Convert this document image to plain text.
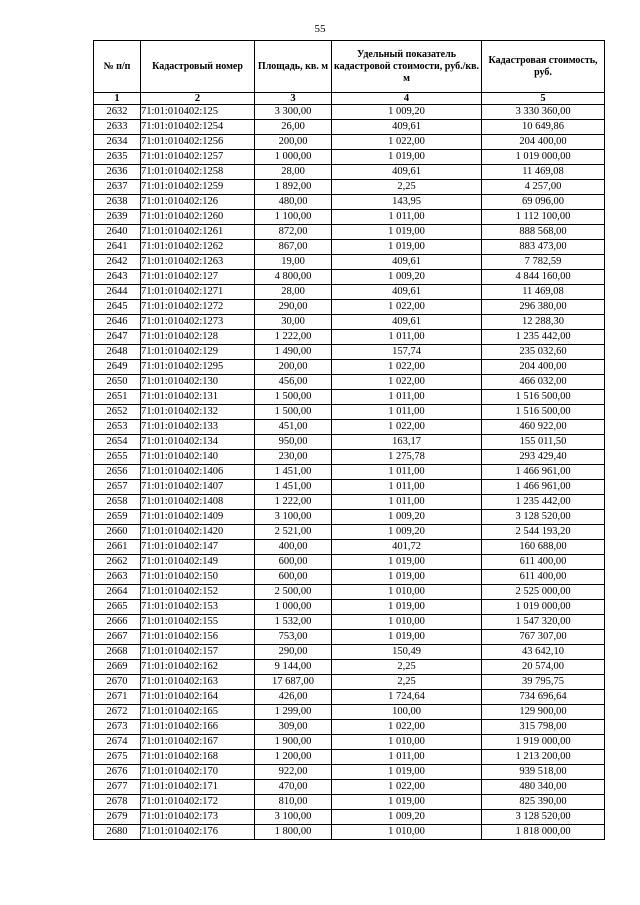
55
№ п/п	Кадастровый номер	Площадь, кв. м	Удельный показатель кадастровой стоимости, руб./кв. м	Кадастровая стоимость, руб.
1	2	3	4	5
2632	71:01:010402:125	3 300,00	1 009,20	3 330 360,00
2633	71:01:010402:1254	26,00	409,61	10 649,86
2634	71:01:010402:1256	200,00	1 022,00	204 400,00
2635	71:01:010402:1257	1 000,00	1 019,00	1 019 000,00
2636	71:01:010402:1258	28,00	409,61	11 469,08
2637	71:01:010402:1259	1 892,00	2,25	4 257,00
2638	71:01:010402:126	480,00	143,95	69 096,00
2639	71:01:010402:1260	1 100,00	1 011,00	1 112 100,00
2640	71:01:010402:1261	872,00	1 019,00	888 568,00
2641	71:01:010402:1262	867,00	1 019,00	883 473,00
2642	71:01:010402:1263	19,00	409,61	7 782,59
2643	71:01:010402:127	4 800,00	1 009,20	4 844 160,00
2644	71:01:010402:1271	28,00	409,61	11 469,08
2645	71:01:010402:1272	290,00	1 022,00	296 380,00
2646	71:01:010402:1273	30,00	409,61	12 288,30
2647	71:01:010402:128	1 222,00	1 011,00	1 235 442,00
2648	71:01:010402:129	1 490,00	157,74	235 032,60
2649	71:01:010402:1295	200,00	1 022,00	204 400,00
2650	71:01:010402:130	456,00	1 022,00	466 032,00
2651	71:01:010402:131	1 500,00	1 011,00	1 516 500,00
2652	71:01:010402:132	1 500,00	1 011,00	1 516 500,00
2653	71:01:010402:133	451,00	1 022,00	460 922,00
2654	71:01:010402:134	950,00	163,17	155 011,50
2655	71:01:010402:140	230,00	1 275,78	293 429,40
2656	71:01:010402:1406	1 451,00	1 011,00	1 466 961,00
2657	71:01:010402:1407	1 451,00	1 011,00	1 466 961,00
2658	71:01:010402:1408	1 222,00	1 011,00	1 235 442,00
2659	71:01:010402:1409	3 100,00	1 009,20	3 128 520,00
2660	71:01:010402:1420	2 521,00	1 009,20	2 544 193,20
2661	71:01:010402:147	400,00	401,72	160 688,00
2662	71:01:010402:149	600,00	1 019,00	611 400,00
2663	71:01:010402:150	600,00	1 019,00	611 400,00
2664	71:01:010402:152	2 500,00	1 010,00	2 525 000,00
2665	71:01:010402:153	1 000,00	1 019,00	1 019 000,00
2666	71:01:010402:155	1 532,00	1 010,00	1 547 320,00
2667	71:01:010402:156	753,00	1 019,00	767 307,00
2668	71:01:010402:157	290,00	150,49	43 642,10
2669	71:01:010402:162	9 144,00	2,25	20 574,00
2670	71:01:010402:163	17 687,00	2,25	39 795,75
2671	71:01:010402:164	426,00	1 724,64	734 696,64
2672	71:01:010402:165	1 299,00	100,00	129 900,00
2673	71:01:010402:166	309,00	1 022,00	315 798,00
2674	71:01:010402:167	1 900,00	1 010,00	1 919 000,00
2675	71:01:010402:168	1 200,00	1 011,00	1 213 200,00
2676	71:01:010402:170	922,00	1 019,00	939 518,00
2677	71:01:010402:171	470,00	1 022,00	480 340,00
2678	71:01:010402:172	810,00	1 019,00	825 390,00
2679	71:01:010402:173	3 100,00	1 009,20	3 128 520,00
2680	71:01:010402:176	1 800,00	1 010,00	1 818 000,00
